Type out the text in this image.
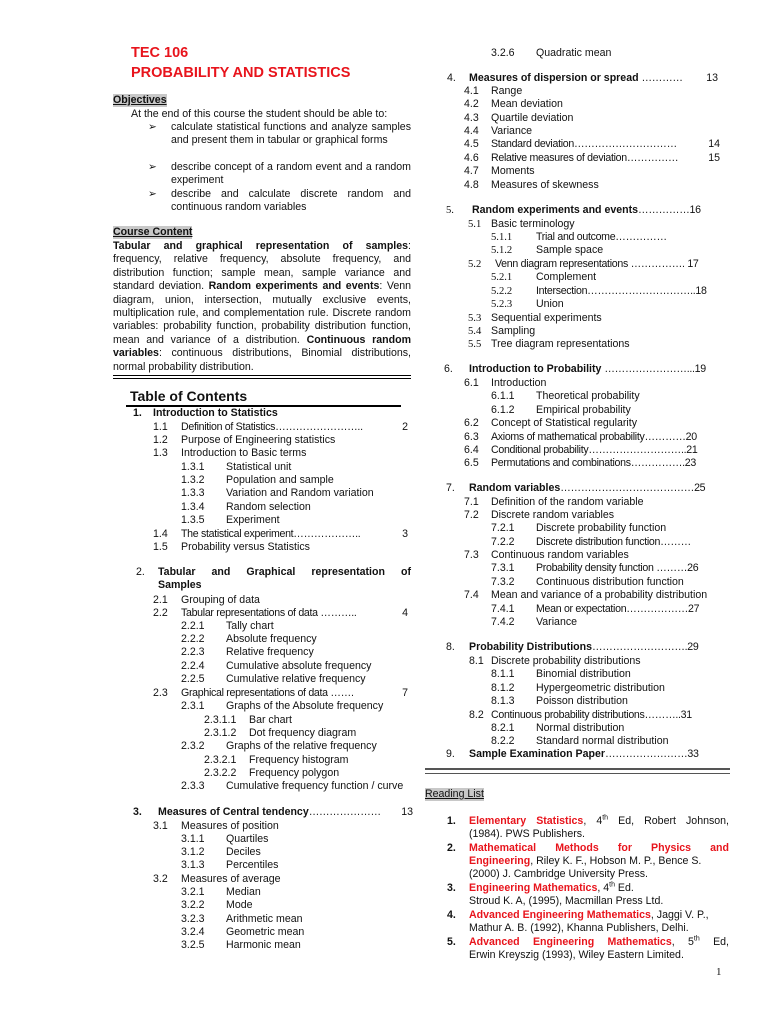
TEC 106
PROBABILITY AND STATISTICS
Objectives
At the end of this course the student should be able to:
➢ calculate statistical functions and analyze samples and present them in tabular or graphical forms
➢ describe concept of a random event and a random experiment
➢ describe and calculate discrete random and continuous random variables
Course Content
Tabular and graphical representation of samples: frequency, relative frequency, absolute frequency, and distribution function; sample mean, sample variance and standard deviation. Random experiments and events: Venn diagram, union, intersection, mutually exclusive events, multiplication rule, and complementation rule. Discrete random variables: probability function, probability distribution function, mean and variance of a distribution. Continuous random variables: continuous distributions, Binomial distributions, normal probability distribution.
Table of Contents
1. Introduction to Statistics
1.1 Definition of Statistics……………………..	2
1.2 Purpose of Engineering statistics
1.3 Introduction to Basic terms
1.3.1 Statistical unit
1.3.2 Population and sample
1.3.3 Variation and Random variation
1.3.4 Random selection
1.3.5 Experiment
1.4 The statistical experiment………………..	3
1.5 Probability versus Statistics
2. Tabular and Graphical representation of
Samples
2.1 Grouping of data
2.2 Tabular representations of data ………..	4
2.2.1 Tally chart
2.2.2 Absolute frequency
2.2.3 Relative frequency
2.2.4 Cumulative absolute frequency
2.2.5 Cumulative relative frequency
2.3 Graphical representations of data …….	7
2.3.1 Graphs of the Absolute frequency
2.3.1.1 Bar chart
2.3.1.2 Dot frequency diagram
2.3.2 Graphs of the relative frequency
2.3.2.1 Frequency histogram
2.3.2.2 Frequency polygon
2.3.3 Cumulative frequency function / curve
3. Measures of Central tendency………………… 13
3.1 Measures of position
3.1.1 Quartiles
3.1.2 Deciles
3.1.3 Percentiles
3.2 Measures of average
3.2.1 Median
3.2.2 Mode
3.2.3 Arithmetic mean
3.2.4 Geometric mean
3.2.5 Harmonic mean
3.2.6 Quadratic mean
4. Measures of dispersion or spread ………… 13
4.1 Range
4.2 Mean deviation
4.3 Quartile deviation
4.4 Variance
4.5 Standard deviation…………………………	14
4.6 Relative measures of deviation……………	15
4.7 Moments
4.8 Measures of skewness
5. Random experiments and events……………16
5.1 Basic terminology
5.1.1 Trial and outcome……………
5.1.2 Sample space
5.2 Venn diagram representations ……………. 17
5.2.1 Complement
5.2.2 Intersection…………………………..18
5.2.3 Union
5.3 Sequential experiments
5.4 Sampling
5.5 Tree diagram representations
6. Introduction to Probability ……………………...19
6.1 Introduction
6.1.1 Theoretical probability
6.1.2 Empirical probability
6.2 Concept of Statistical regularity
6.3 Axioms of mathematical probability…………20
6.4 Conditional probability………………………..21
6.5 Permutations and combinations…………….23
7. Random variables…………………………………25
7.1 Definition of the random variable
7.2 Discrete random variables
7.2.1 Discrete probability function
7.2.2 Discrete distribution function………
7.3 Continuous random variables
7.3.1 Probability density function ………26
7.3.2 Continuous distribution function
7.4 Mean and variance of a probability distribution
7.4.1 Mean or expectation………………27
7.4.2 Variance
8. Probability Distributions……………………….29
8.1 Discrete probability distributions
8.1.1 Binomial distribution
8.1.2 Hypergeometric distribution
8.1.3 Poisson distribution
8.2 Continuous probability distributions………..31
8.2.1 Normal distribution
8.2.2 Standard normal distribution
9. Sample Examination Paper……………………33
Reading List
1. Elementary Statistics, 4th Ed, Robert Johnson,
(1984). PWS Publishers.
2. Mathematical Methods for Physics and
Engineering, Riley K. F., Hobson M. P., Bence S.
(2000) J. Cambridge University Press.
3. Engineering Mathematics, 4th Ed.
Stroud K. A, (1995), Macmillan Press Ltd.
4. Advanced Engineering Mathematics, Jaggi V. P.,
Mathur A. B. (1992), Khanna Publishers, Delhi.
5. Advanced Engineering Mathematics, 5th Ed,
Erwin Kreyszig (1993), Wiley Eastern Limited.
1
